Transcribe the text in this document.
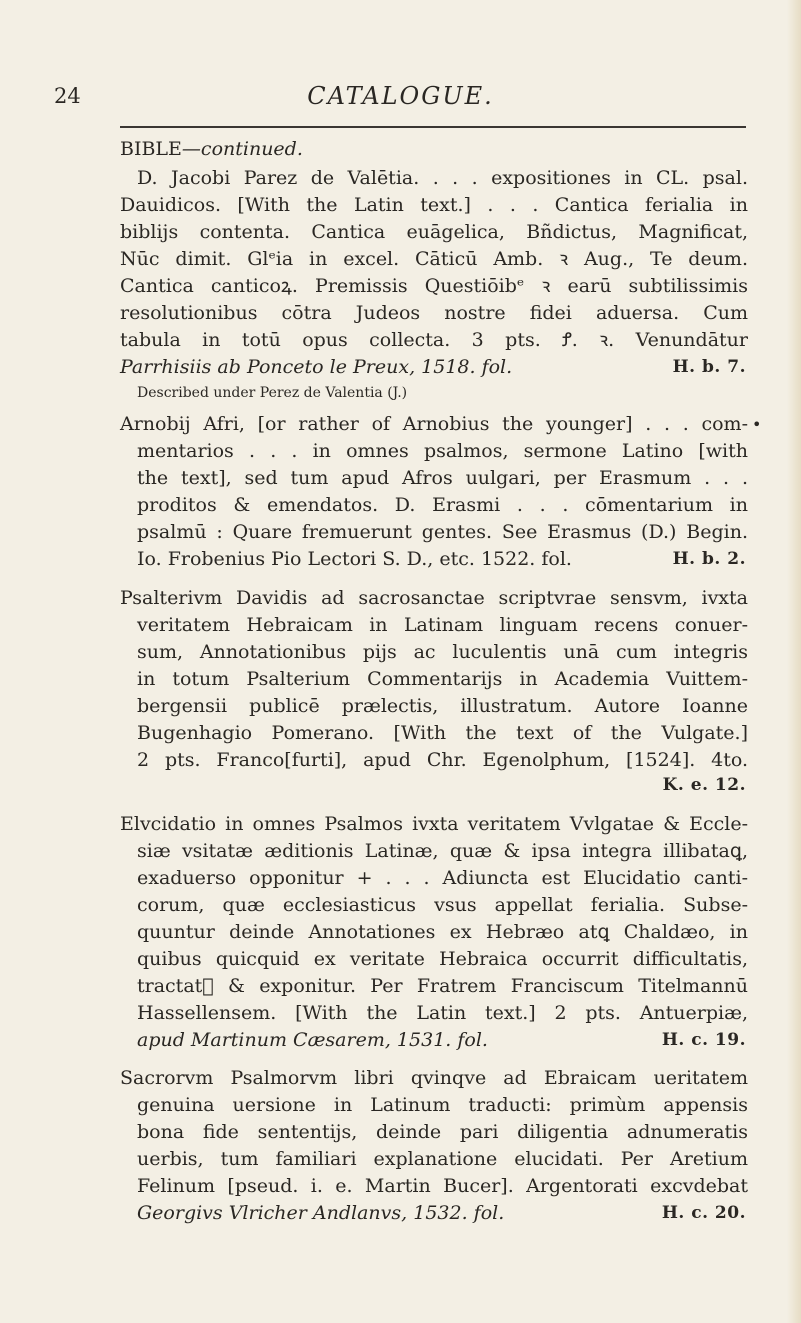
24	CATALOGUE.
BIBLE—continued.
D. Jacobi Parez de Valētia. . . . expositiones in CL. psal.
Dauidicos. [With the Latin text.] . . . Cantica ferialia in
biblijs contenta. Cantica euāgelica, Bñdictus, Magnificat,
Nūc dimit. Glᵉia in excel. Cāticū Amb. ꝛ Aug., Te deum.
Cantica canticoꝝ. Premissis Questiōibᵉ ꝛ earū subtilissimis
resolutionibus cōtra Judeos nostre fidei aduersa. Cum
tabula in totū opus collecta. 3 pts. Ꝭ. ꝛ. Venundātur
Parrhisiis ab Ponceto le Preux, 1518. fol.	H. b. 7.
Described under Perez de Valentia (J.)
•
Arnobij Afri, [or rather of Arnobius the younger] . . . com-
mentarios . . . in omnes psalmos, sermone Latino [with
the text], sed tum apud Afros uulgari, per Erasmum . . .
proditos & emendatos. D. Erasmi . . . cōmentarium in
psalmū : Quare fremuerunt gentes. See Erasmus (D.) Begin.
Io. Frobenius Pio Lectori S. D., etc. 1522. fol.	H. b. 2.
Psalterivm Davidis ad sacrosanctae scriptvrae sensvm, ivxta
veritatem Hebraicam in Latinam linguam recens conuer-
sum, Annotationibus pijs ac luculentis unā cum integris
in totum Psalterium Commentarijs in Academia Vuittem-
bergensii publicē prælectis, illustratum. Autore Ioanne
Bugenhagio Pomerano. [With the text of the Vulgate.]
2 pts. Franco[furti], apud Chr. Egenolphum, [1524]. 4to.
K. e. 12.
Elvcidatio in omnes Psalmos ivxta veritatem Vvlgatae & Eccle-
siæ vsitatæ æditionis Latinæ, quæ & ipsa integra illibataꝗ,
exaduerso opponitur + . . . Adiuncta est Elucidatio canti-
corum, quæ ecclesiasticus vsus appellat ferialia. Subse-
quuntur deinde Annotationes ex Hebræo atꝗ Chaldæo, in
quibus quicquid ex veritate Hebraica occurrit difficultatis,
tractatᷣ & exponitur. Per Fratrem Franciscum Titelmannū
Hassellensem. [With the Latin text.] 2 pts. Antuerpiæ,
apud Martinum Cæsarem, 1531. fol.	H. c. 19.
Sacrorvm Psalmorvm libri qvinqve ad Ebraicam ueritatem
genuina uersione in Latinum traducti: primùm appensis
bona fide sententijs, deinde pari diligentia adnumeratis
uerbis, tum familiari explanatione elucidati. Per Aretium
Felinum [pseud. i. e. Martin Bucer]. Argentorati excvdebat
Georgivs Vlricher Andlanvs, 1532. fol.	H. c. 20.
